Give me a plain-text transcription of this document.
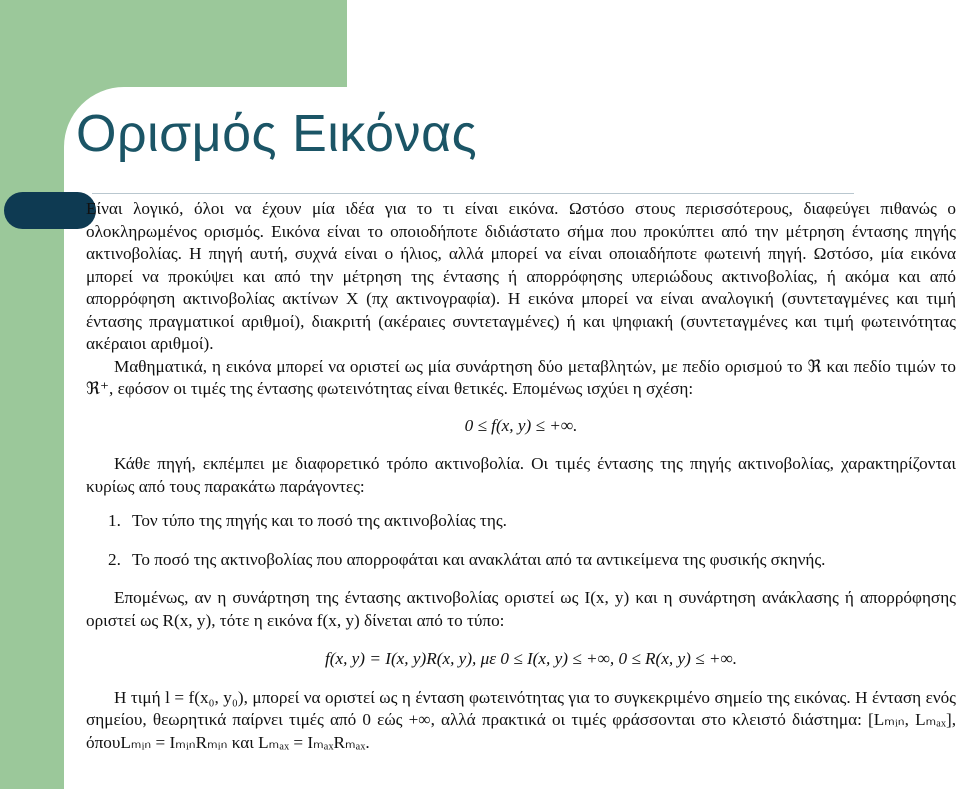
Ορισμός Εικόνας

Είναι λογικό, όλοι να έχουν μία ιδέα για το τι είναι εικόνα. Ωστόσο στους περισσότερους, διαφεύγει πιθανώς ο ολοκληρωμένος ορισμός. Εικόνα είναι το οποιοδήποτε διδιάστατο σήμα που προκύπτει από την μέτρηση έντασης πηγής ακτινοβολίας. Η πηγή αυτή, συχνά είναι ο ήλιος, αλλά μπορεί να είναι οποιαδήποτε φωτεινή πηγή. Ωστόσο, μία εικόνα μπορεί να προκύψει και από την μέτρηση της έντασης ή απορρόφησης υπεριώδους ακτινοβολίας, ή ακόμα και από απορρόφηση ακτινοβολίας ακτίνων X (πχ ακτινογραφία). Η εικόνα μπορεί να είναι αναλογική (συντεταγμένες και τιμή έντασης πραγματικοί αριθμοί), διακριτή (ακέραιες συντεταγμένες) ή και ψηφιακή (συντεταγμένες και τιμή φωτεινότητας ακέραιοι αριθμοί).

Μαθηματικά, η εικόνα μπορεί να οριστεί ως μία συνάρτηση δύο μεταβλητών, με πεδίο ορισμού το ℜ και πεδίο τιμών το ℜ⁺, εφόσον οι τιμές της έντασης φωτεινότητας είναι θετικές. Επομένως ισχύει η σχέση:

0 ≤ f(x, y) ≤ +∞.

Κάθε πηγή, εκπέμπει με διαφορετικό τρόπο ακτινοβολία. Οι τιμές έντασης της πηγής ακτινοβολίας, χαρακτηρίζονται κυρίως από τους παρακάτω παράγοντες:

1. Τον τύπο της πηγής και το ποσό της ακτινοβολίας της.
2. Το ποσό της ακτινοβολίας που απορροφάται και ανακλάται από τα αντικείμενα της φυσικής σκηνής.

Επομένως, αν η συνάρτηση της έντασης ακτινοβολίας οριστεί ως I(x, y) και η συνάρτηση ανάκλασης ή απορρόφησης οριστεί ως R(x, y), τότε η εικόνα f(x, y) δίνεται από το τύπο:

f(x, y) = I(x, y)R(x, y), με 0 ≤ I(x, y) ≤ +∞, 0 ≤ R(x, y) ≤ +∞.

Η τιμή l = f(x₀, y₀), μπορεί να οριστεί ως η ένταση φωτεινότητας για το συγκεκριμένο σημείο της εικόνας. Η ένταση ενός σημείου, θεωρητικά παίρνει τιμές από 0 εώς +∞, αλλά πρακτικά οι τιμές φράσσονται στο κλειστό διάστημα: [Lₘᵢₙ, Lₘₐₓ], όπουLₘᵢₙ = IₘᵢₙRₘᵢₙ και Lₘₐₓ = IₘₐₓRₘₐₓ.
